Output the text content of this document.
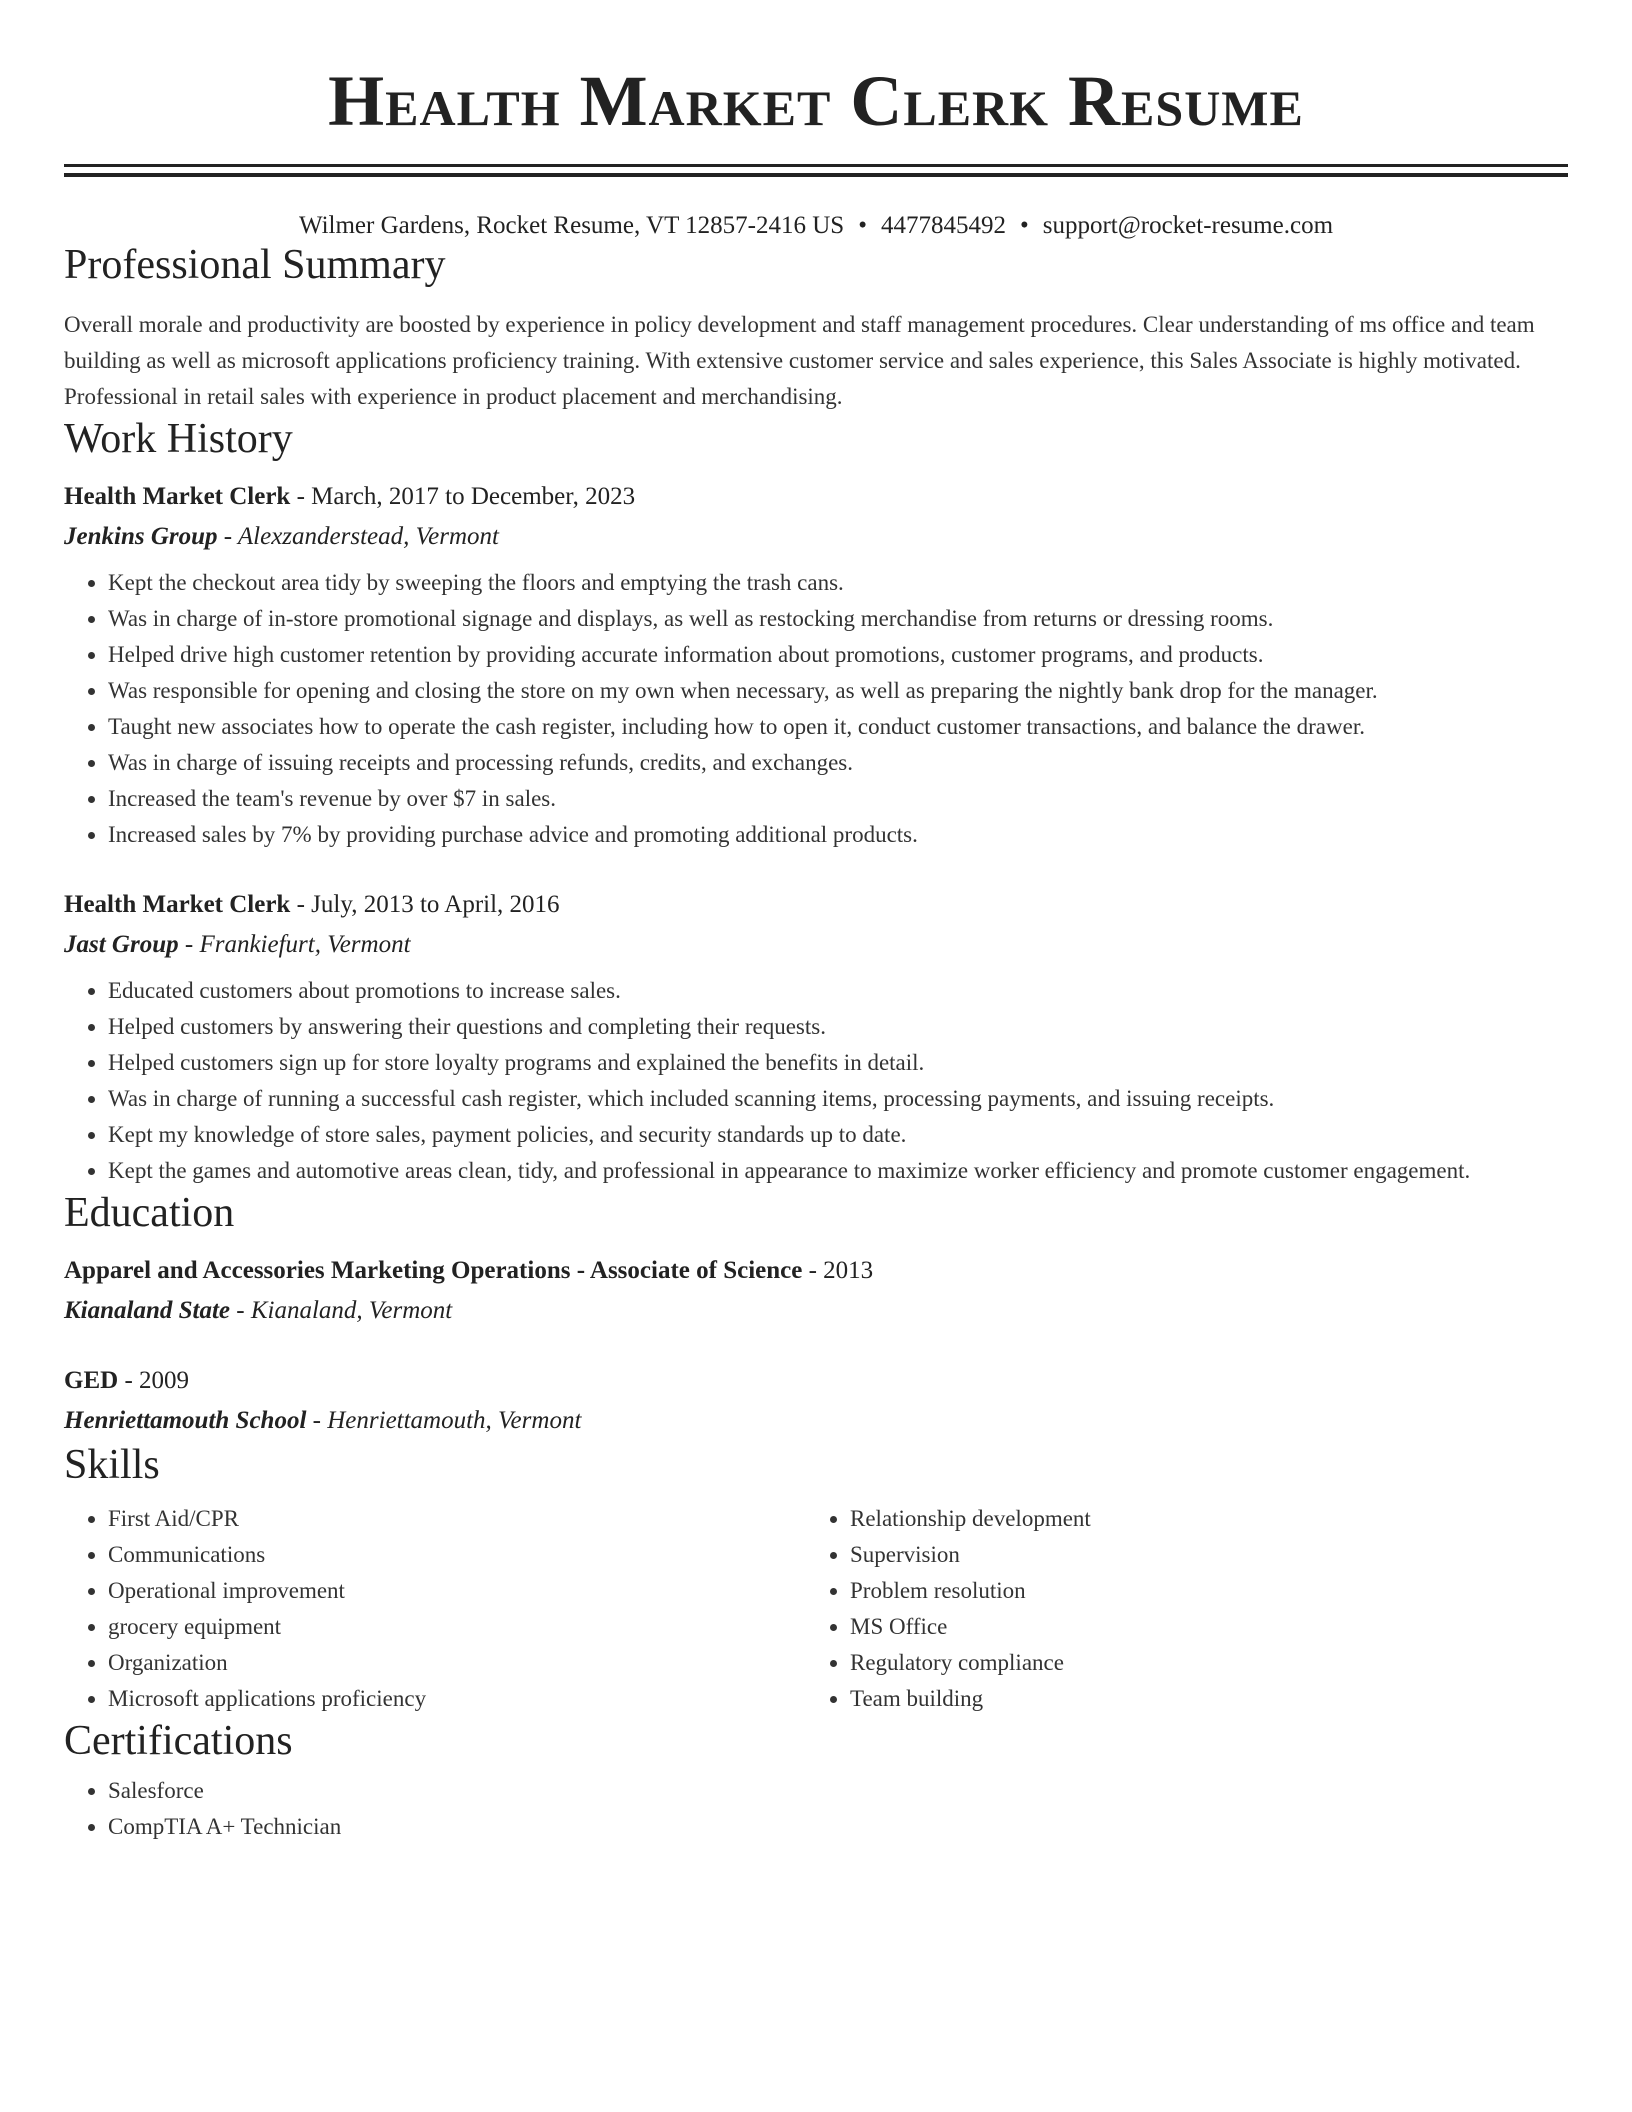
Health Market Clerk Resume
Wilmer Gardens, Rocket Resume, VT 12857-2416 US • 4477845492 • support@rocket-resume.com
Professional Summary

Overall morale and productivity are boosted by experience in policy development and staff management procedures. Clear understanding of ms office and team building as well as microsoft applications proficiency training. With extensive customer service and sales experience, this Sales Associate is highly motivated. Professional in retail sales with experience in product placement and merchandising.

Work History
Health Market Clerk - March, 2017 to December, 2023
Jenkins Group - Alexzanderstead, Vermont
• Kept the checkout area tidy by sweeping the floors and emptying the trash cans.
• Was in charge of in-store promotional signage and displays, as well as restocking merchandise from returns or dressing rooms.
• Helped drive high customer retention by providing accurate information about promotions, customer programs, and products.
• Was responsible for opening and closing the store on my own when necessary, as well as preparing the nightly bank drop for the manager.
• Taught new associates how to operate the cash register, including how to open it, conduct customer transactions, and balance the drawer.
• Was in charge of issuing receipts and processing refunds, credits, and exchanges.
• Increased the team's revenue by over $7 in sales.
• Increased sales by 7% by providing purchase advice and promoting additional products.
Health Market Clerk - July, 2013 to April, 2016
Jast Group - Frankiefurt, Vermont
• Educated customers about promotions to increase sales.
• Helped customers by answering their questions and completing their requests.
• Helped customers sign up for store loyalty programs and explained the benefits in detail.
• Was in charge of running a successful cash register, which included scanning items, processing payments, and issuing receipts.
• Kept my knowledge of store sales, payment policies, and security standards up to date.
• Kept the games and automotive areas clean, tidy, and professional in appearance to maximize worker efficiency and promote customer engagement.
Education
Apparel and Accessories Marketing Operations - Associate of Science - 2013
Kianaland State - Kianaland, Vermont
GED - 2009
Henriettamouth School - Henriettamouth, Vermont
Skills
• First Aid/CPR
• Communications
• Operational improvement
• grocery equipment
• Organization
• Microsoft applications proficiency
• Relationship development
• Supervision
• Problem resolution
• MS Office
• Regulatory compliance
• Team building
Certifications
• Salesforce
• CompTIA A+ Technician
